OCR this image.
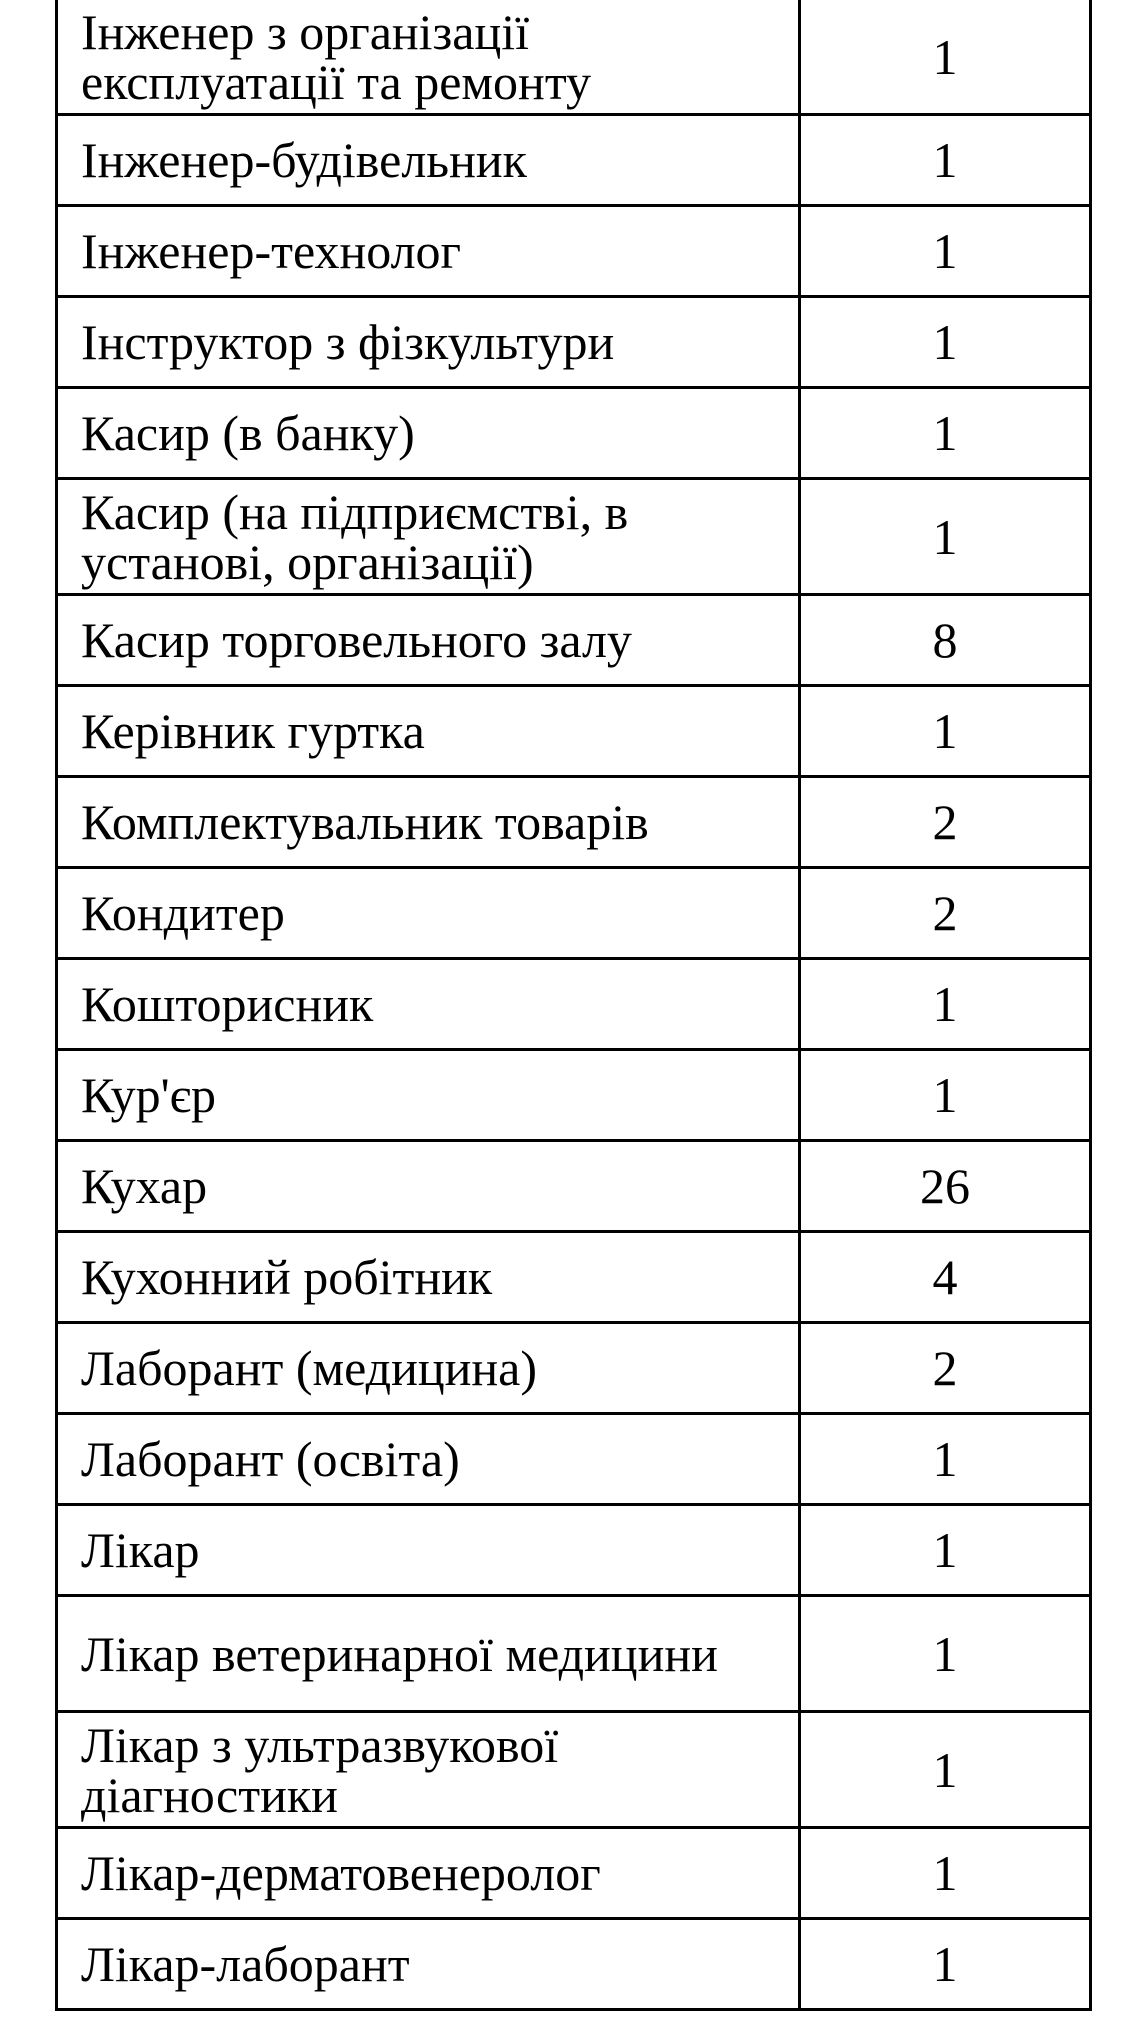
Інженер з організації експлуатації та ремонту	1
Інженер-будівельник	1
Інженер-технолог	1
Інструктор з фізкультури	1
Касир (в банку)	1
Касир (на підприємстві, в установі, організації)	1
Касир торговельного залу	8
Керівник гуртка	1
Комплектувальник товарів	2
Кондитер	2
Кошторисник	1
Кур'єр	1
Кухар	26
Кухонний робітник	4
Лаборант (медицина)	2
Лаборант (освіта)	1
Лікар	1
Лікар ветеринарної медицини	1
Лікар з ультразвукової діагностики	1
Лікар-дерматовенеролог	1
Лікар-лаборант	1
